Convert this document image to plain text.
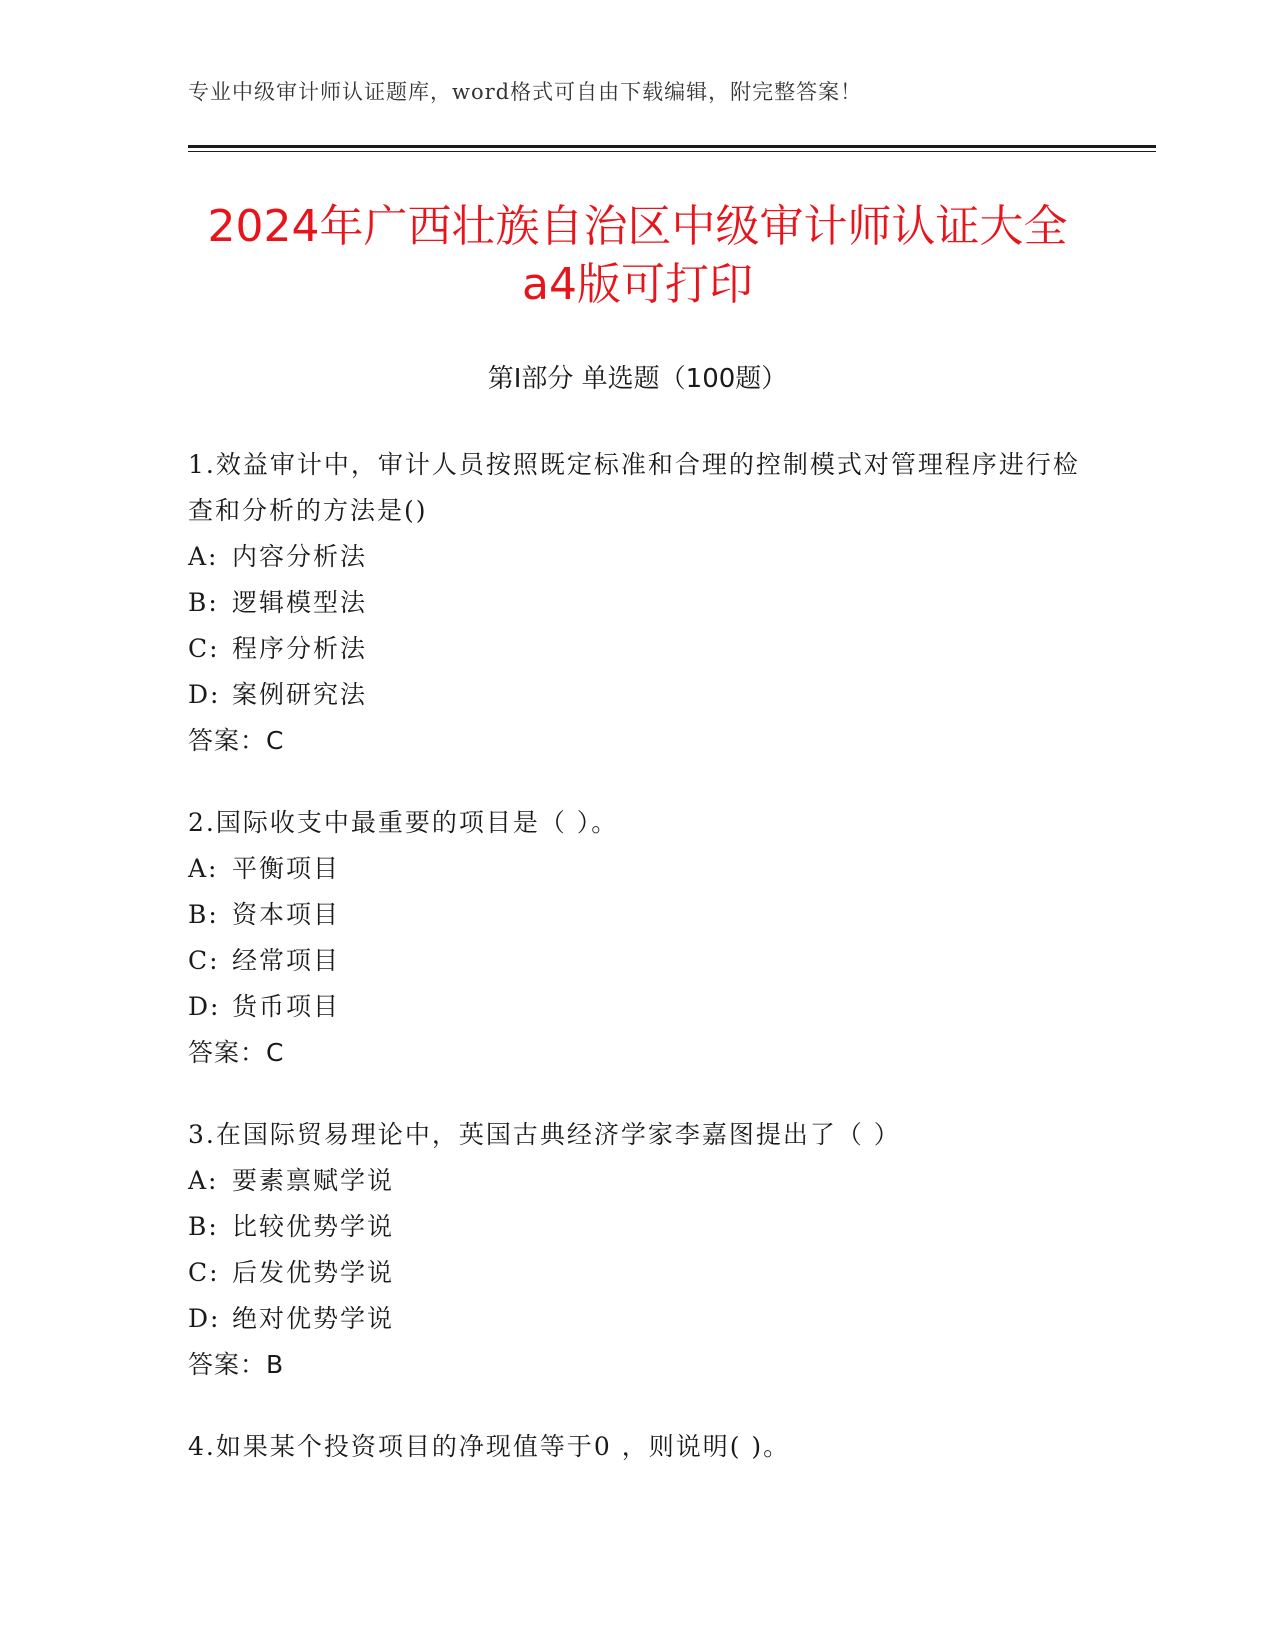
专业中级审计师认证题库，word格式可自由下载编辑，附完整答案！
2024年广西壮族自治区中级审计师认证大全
a4版可打印
第I部分 单选题（100题）
1.效益审计中，审计人员按照既定标准和合理的控制模式对管理程序进行检查和分析的方法是()
A: 内容分析法
B: 逻辑模型法
C: 程序分析法
D: 案例研究法
答案：C
2.国际收支中最重要的项目是（ ）。
A: 平衡项目
B: 资本项目
C: 经常项目
D: 货币项目
答案：C
3.在国际贸易理论中，英国古典经济学家李嘉图提出了（ ）
A: 要素禀赋学说
B: 比较优势学说
C: 后发优势学说
D: 绝对优势学说
答案：B
4.如果某个投资项目的净现值等于0 ，则说明( )。
